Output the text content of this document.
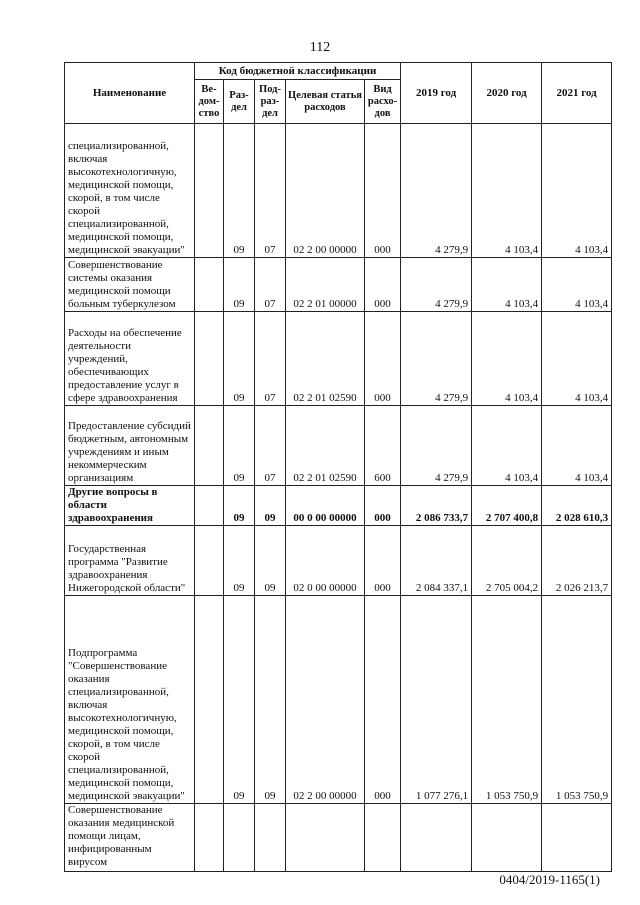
112
Наименование	Код бюджетной классификации					2019 год	2020 год	2021 год
	Ве-дом-ство	Раз-дел	Под-раз-дел	Целевая статья расходов	Вид расхо-дов			
специализированной, включая высокотехнологичную, медицинской помощи, скорой, в том числе скорой специализированной, медицинской помощи, медицинской эвакуации"		09	07	02 2 00 00000	000	4 279,9	4 103,4	4 103,4
Совершенствование системы оказания медицинской помощи больным туберкулезом		09	07	02 2 01 00000	000	4 279,9	4 103,4	4 103,4
Расходы на обеспечение деятельности учреждений, обеспечивающих предоставление услуг в сфере здравоохранения		09	07	02 2 01 02590	000	4 279,9	4 103,4	4 103,4
Предоставление субсидий бюджетным, автономным учреждениям и иным некоммерческим организациям		09	07	02 2 01 02590	600	4 279,9	4 103,4	4 103,4
Другие вопросы в области здравоохранения		09	09	00 0 00 00000	000	2 086 733,7	2 707 400,8	2 028 610,3
Государственная программа "Развитие здравоохранения Нижегородской области"		09	09	02 0 00 00000	000	2 084 337,1	2 705 004,2	2 026 213,7
Подпрограмма "Совершенствование оказания специализированной, включая высокотехнологичную, медицинской помощи, скорой, в том числе скорой специализированной, медицинской помощи, медицинской эвакуации"		09	09	02 2 00 00000	000	1 077 276,1	1 053 750,9	1 053 750,9
Совершенствование оказания медицинской помощи лицам, инфицированным вирусом								
0404/2019-1165(1)
